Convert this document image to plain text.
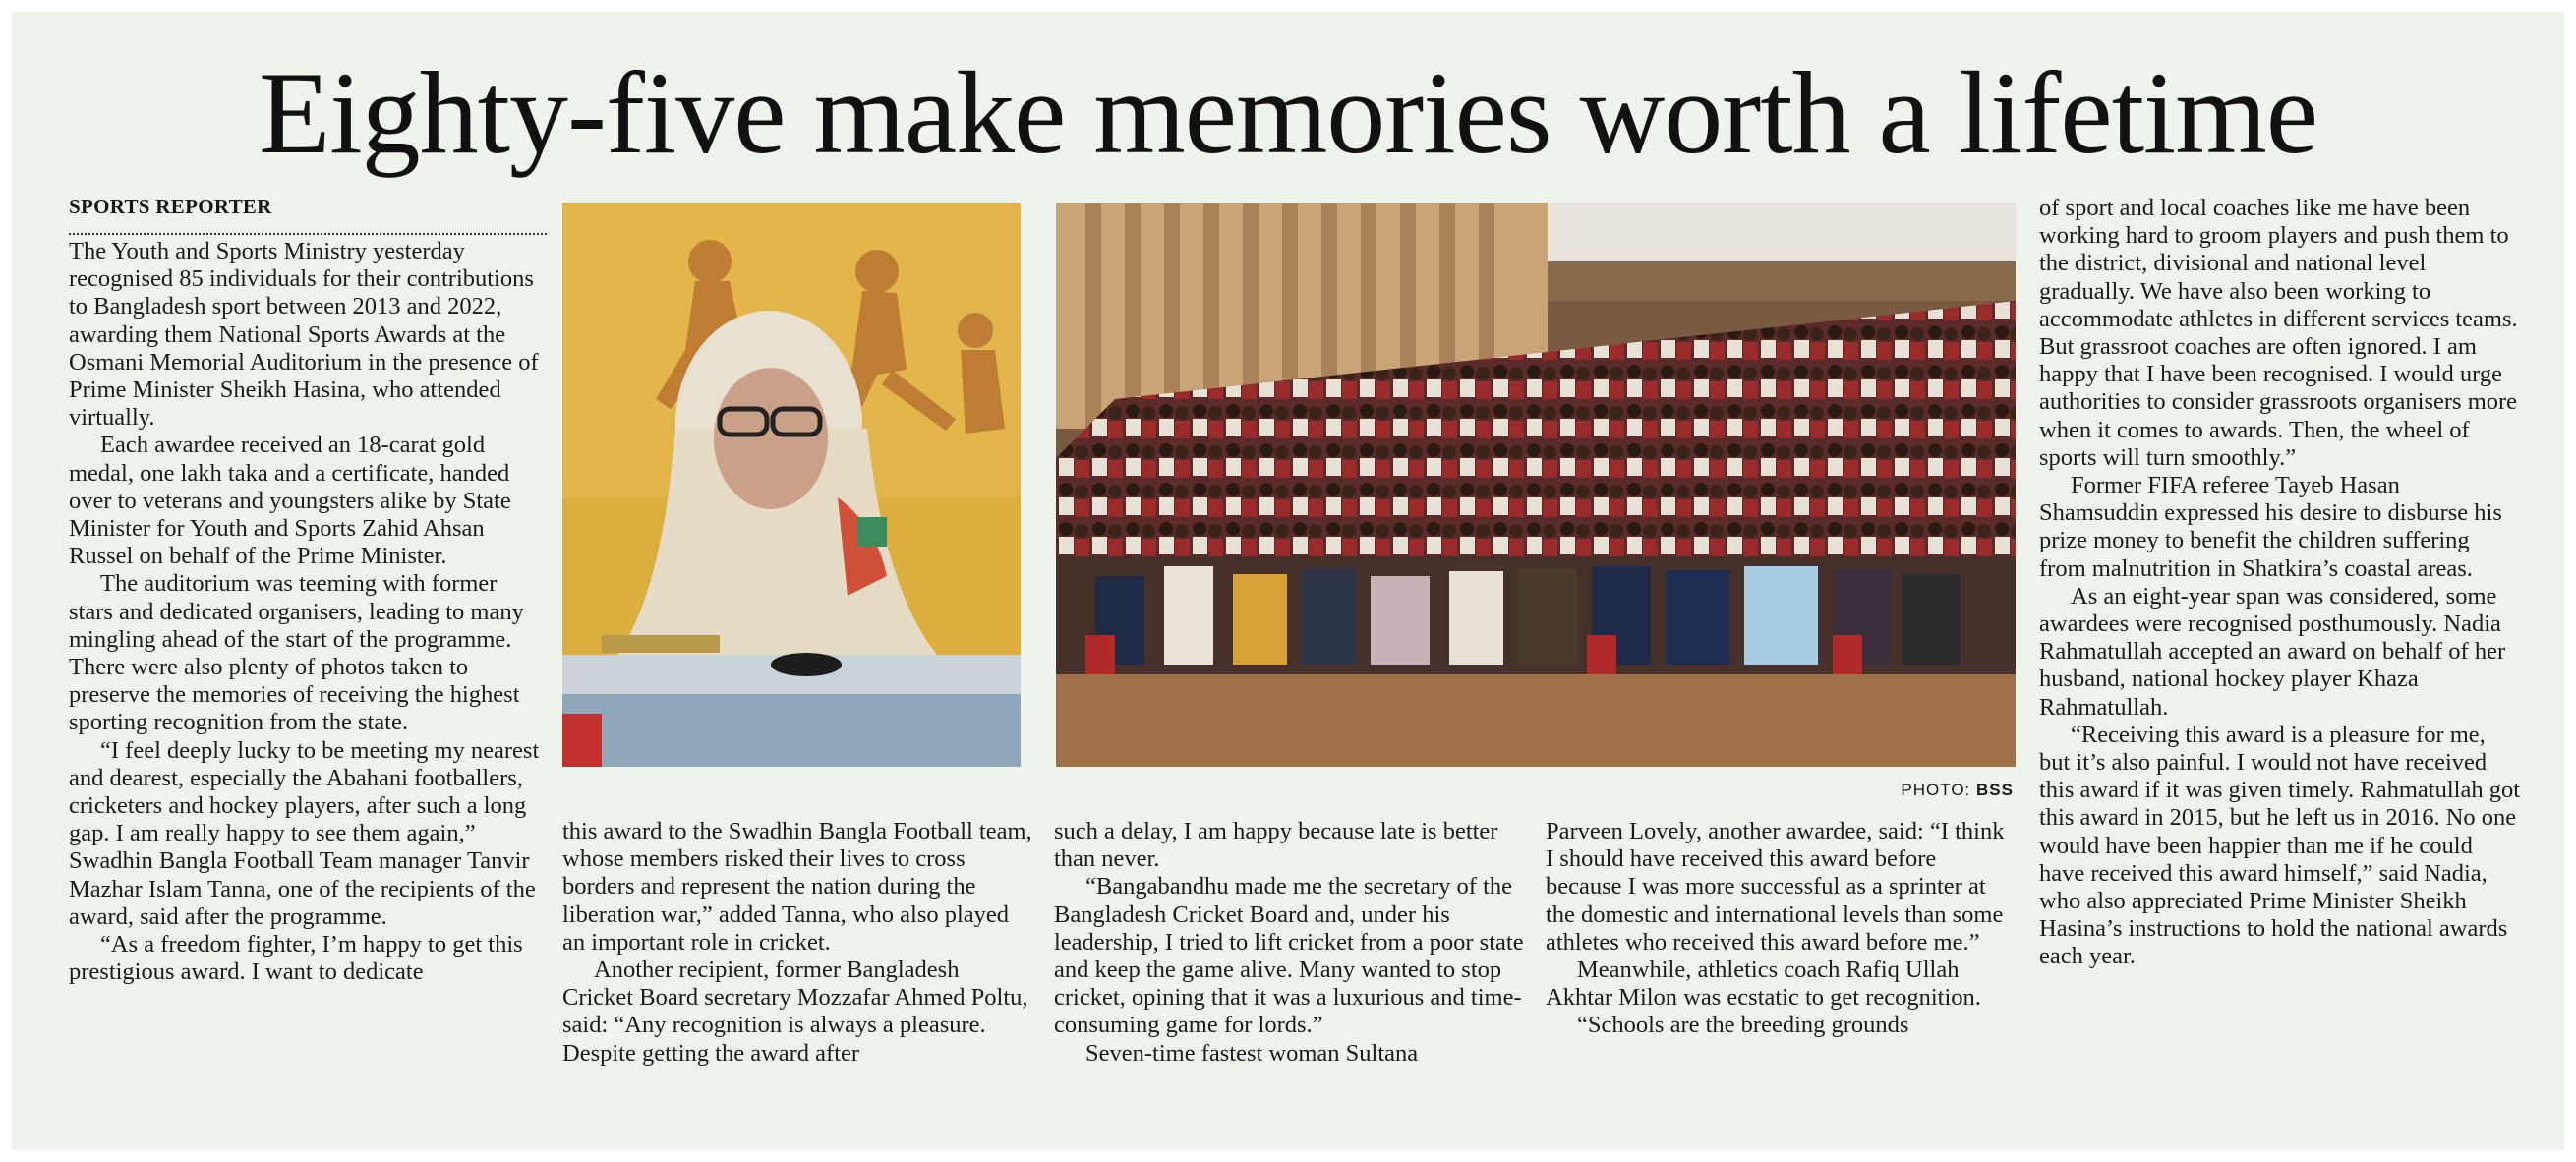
Eighty-five make memories worth a lifetime
SPORTS REPORTER

The Youth and Sports Ministry yesterday recognised 85 individuals for their contributions to Bangladesh sport between 2013 and 2022, awarding them National Sports Awards at the Osmani Memorial Auditorium in the presence of Prime Minister Sheikh Hasina, who attended virtually.

Each awardee received an 18-carat gold medal, one lakh taka and a certificate, handed over to veterans and youngsters alike by State Minister for Youth and Sports Zahid Ahsan Russel on behalf of the Prime Minister.

The auditorium was teeming with former stars and dedicated organisers, leading to many mingling ahead of the start of the programme. There were also plenty of photos taken to preserve the memories of receiving the highest sporting recognition from the state.

“I feel deeply lucky to be meeting my nearest and dearest, especially the Abahani footballers, cricketers and hockey players, after such a long gap. I am really happy to see them again,” Swadhin Bangla Football Team manager Tanvir Mazhar Islam Tanna, one of the recipients of the award, said after the programme.

“As a freedom fighter, I’m happy to get this prestigious award. I want to dedicate

PHOTO: BSS

this award to the Swadhin Bangla Football team, whose members risked their lives to cross borders and represent the nation during the liberation war,” added Tanna, who also played an important role in cricket.

Another recipient, former Bangladesh Cricket Board secretary Mozzafar Ahmed Poltu, said: “Any recognition is always a pleasure. Despite getting the award after

such a delay, I am happy because late is better than never.

“Bangabandhu made me the secretary of the Bangladesh Cricket Board and, under his leadership, I tried to lift cricket from a poor state and keep the game alive. Many wanted to stop cricket, opining that it was a luxurious and time-consuming game for lords.”

Seven-time fastest woman Sultana

Parveen Lovely, another awardee, said: “I think I should have received this award before because I was more successful as a sprinter at the domestic and international levels than some athletes who received this award before me.”

Meanwhile, athletics coach Rafiq Ullah Akhtar Milon was ecstatic to get recognition.

“Schools are the breeding grounds

of sport and local coaches like me have been working hard to groom players and push them to the district, divisional and national level gradually. We have also been working to accommodate athletes in different services teams. But grassroot coaches are often ignored. I am happy that I have been recognised. I would urge authorities to consider grassroots organisers more when it comes to awards. Then, the wheel of sports will turn smoothly.”

Former FIFA referee Tayeb Hasan Shamsuddin expressed his desire to disburse his prize money to benefit the children suffering from malnutrition in Shatkira’s coastal areas.

As an eight-year span was considered, some awardees were recognised posthumously. Nadia Rahmatullah accepted an award on behalf of her husband, national hockey player Khaza Rahmatullah.

“Receiving this award is a pleasure for me, but it’s also painful. I would not have received this award if it was given timely. Rahmatullah got this award in 2015, but he left us in 2016. No one would have been happier than me if he could have received this award himself,” said Nadia, who also appreciated Prime Minister Sheikh Hasina’s instructions to hold the national awards each year.
